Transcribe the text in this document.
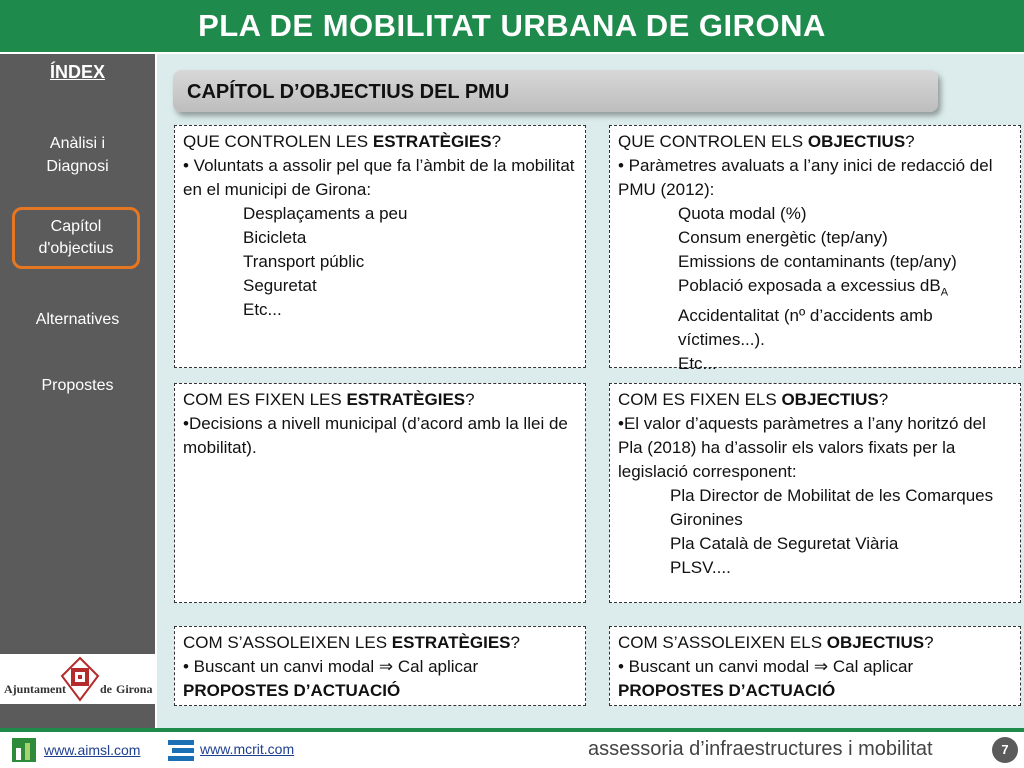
PLA DE MOBILITAT URBANA DE GIRONA
ÍNDEX
Anàlisi i
Diagnosi
Capítol
d'objectius
Alternatives
Propostes
Ajuntament	de Girona
CAPÍTOL D’OBJECTIUS DEL PMU

QUE CONTROLEN LES ESTRATÈGIES?

• Voluntats a assolir pel que fa l’àmbit de la mobilitat en el municipi de Girona:

Desplaçaments a peu

Bicicleta

Transport públic

Seguretat

Etc...

QUE CONTROLEN ELS OBJECTIUS?

• Paràmetres avaluats a l’any inici de redacció del PMU (2012):

Quota modal (%)

Consum energètic (tep/any)

Emissions de contaminants (tep/any)

Població exposada a excessius $dB_A$

Accidentalitat (nº d’accidents amb víctimes...).

Etc...

COM ES FIXEN LES ESTRATÈGIES?

•Decisions a nivell municipal (d’acord amb la llei de mobilitat).

COM ES FIXEN ELS OBJECTIUS?

•El valor d’aquests paràmetres a l’any horitzó del Pla (2018) ha d’assolir els valors fixats per la legislació corresponent:

Pla Director de Mobilitat de les Comarques Gironines

Pla Català de Seguretat Viària

PLSV....

COM S’ASSOLEIXEN LES ESTRATÈGIES?

• Buscant un canvi modal ⇒ Cal aplicar

PROPOSTES D’ACTUACIÓ

COM S’ASSOLEIXEN ELS OBJECTIUS?

• Buscant un canvi modal ⇒ Cal aplicar

PROPOSTES D’ACTUACIÓ

www.aimsl.com	www.mcrit.com	assessoria d’infraestructures i mobilitat	7
